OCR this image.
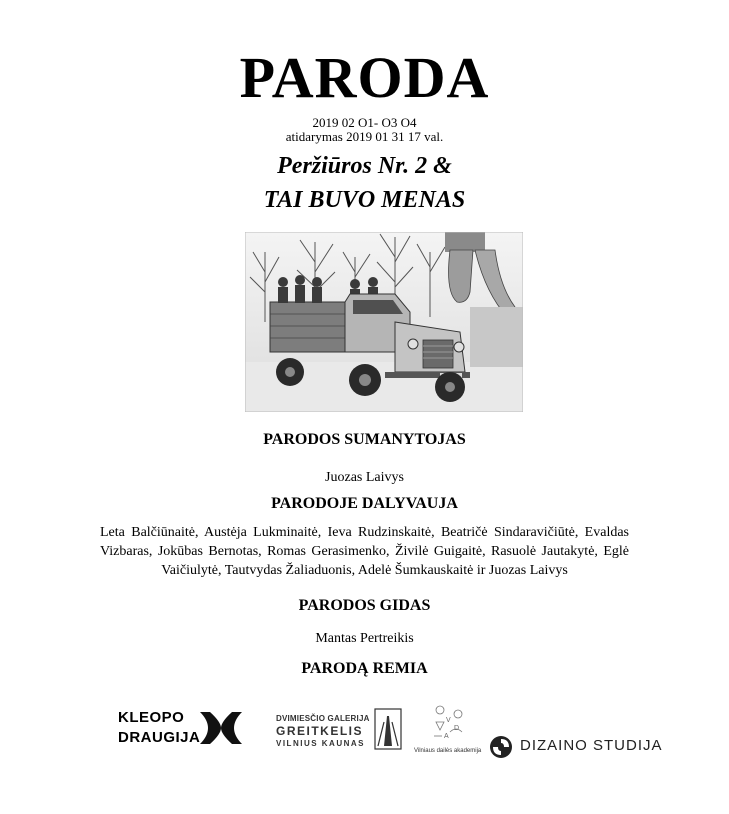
PARODA
2019 02 O1- O3 O4
atidarymas 2019 01 31 17 val.
Peržiūros Nr. 2 &
TAI BUVO MENAS
PARODOS SUMANYTOJAS
Juozas Laivys
PARODOJE DALYVAUJA
Leta Balčiūnaitė, Austėja Lukminaitė, Ieva Rudzinskaitė, Beatričė Sindaravičiūtė, Evaldas Vizbaras, Jokūbas Bernotas, Romas Gerasimenko, Živilė Guigaitė, Rasuolė Jautakytė, Eglė Vaičiulytė, Tautvydas Žaliaduonis, Adelė Šumkauskaitė ir Juozas Laivys
PARODOS GIDAS
Mantas Pertreikis
PARODĄ REMIA
KLEOPO
DRAUGIJA
DVIMIESČIO GALERIJA
GREITKELIS
VILNIUS KAUNAS
V
D
A
Vilniaus dailės akademija	DIZAINO STUDIJA
